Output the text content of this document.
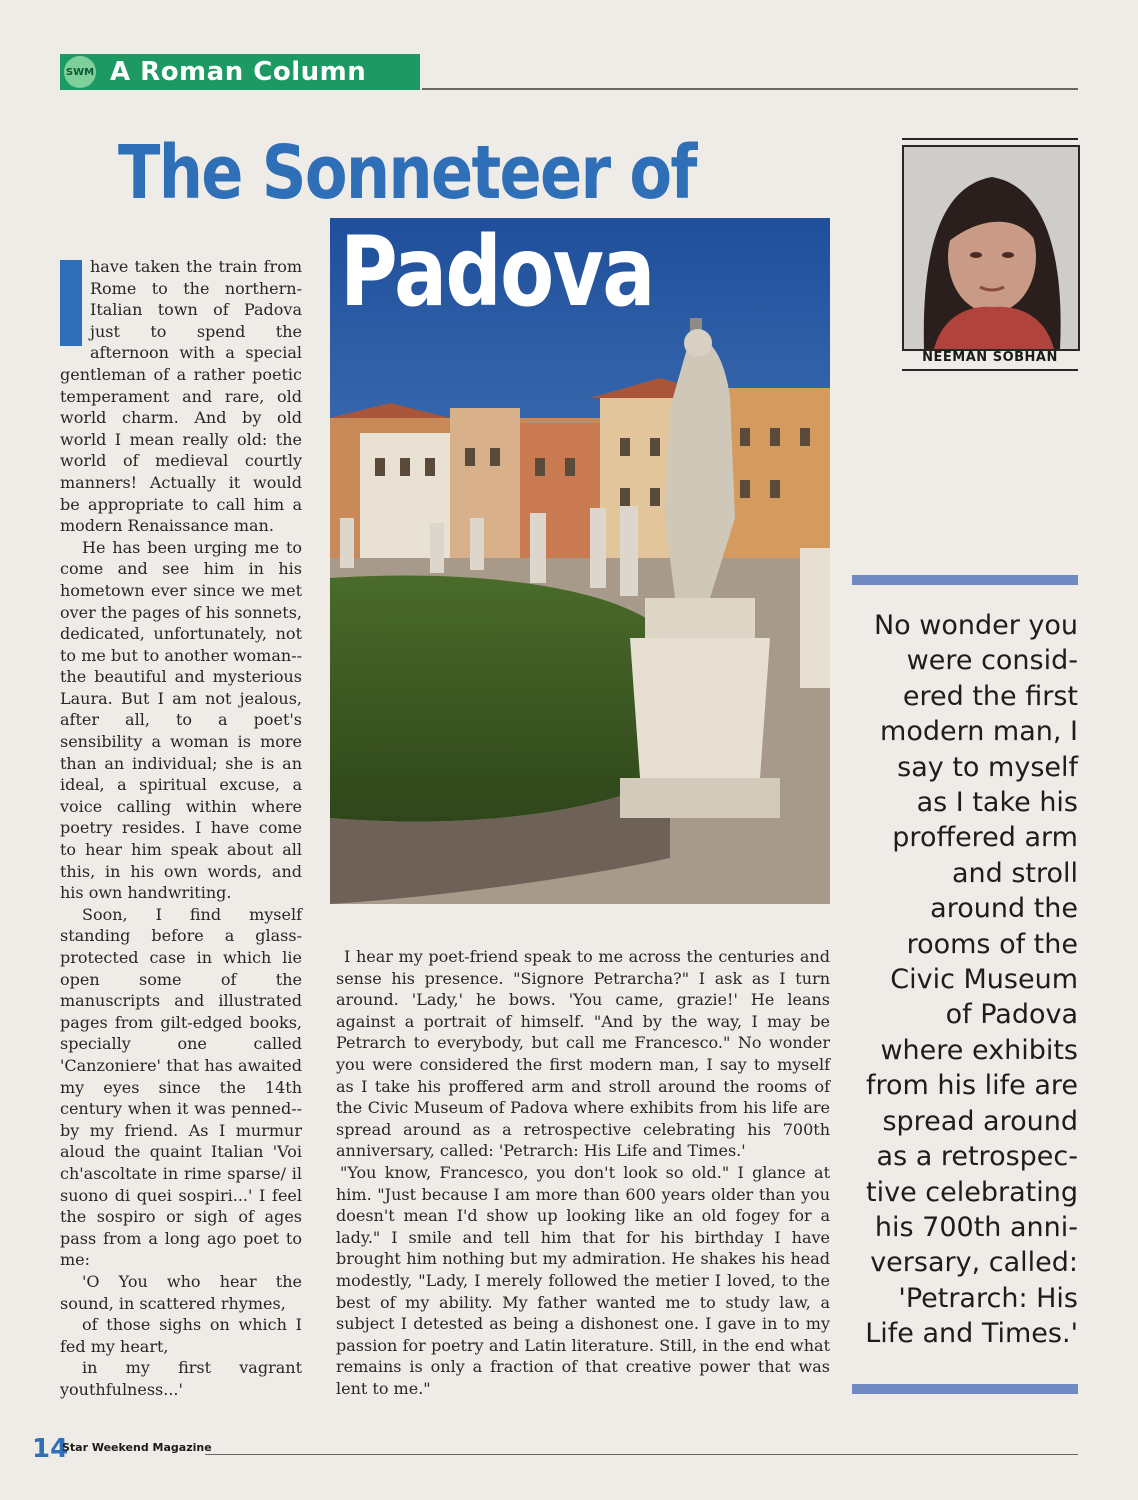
SWM A Roman Column
The Sonneteer of
Padova
NEEMAN SOBHAN

have taken the train from Rome to the northern-Italian town of Padova just to spend the afternoon with a special gentleman of a rather poetic temperament and rare, old world charm. And by old world I mean really old: the world of medieval courtly manners! Actually it would be appropriate to call him a modern Renaissance man.

He has been urging me to come and see him in his hometown ever since we met over the pages of his sonnets, dedicated, unfortunately, not to me but to another woman--the beautiful and mysterious Laura. But I am not jealous, after all, to a poet's sensibility a woman is more than an individual; she is an ideal, a spiritual excuse, a voice calling within where poetry resides. I have come to hear him speak about all this, in his own words, and his own handwriting.

Soon, I find myself standing before a glass-protected case in which lie open some of the manuscripts and illustrated pages from gilt-edged books, specially one called 'Canzoniere' that has awaited my eyes since the 14th century when it was penned--by my friend. As I murmur aloud the quaint Italian 'Voi ch'ascoltate in rime sparse/ il suono di quei sospiri...' I feel the sospiro or sigh of ages pass from a long ago poet to me:

'O You who hear the sound, in scattered rhymes,

of those sighs on which I fed my heart,

in my first vagrant youthfulness...'

I hear my poet-friend speak to me across the centuries and sense his presence. "Signore Petrarcha?" I ask as I turn around. 'Lady,' he bows. 'You came, grazie!' He leans against a portrait of himself. "And by the way, I may be Petrarch to everybody, but call me Francesco." No wonder you were considered the first modern man, I say to myself as I take his proffered arm and stroll around the rooms of the Civic Museum of Padova where exhibits from his life are spread around as a retrospective celebrating his 700th anniversary, called: 'Petrarch: His Life and Times.'

"You know, Francesco, you don't look so old." I glance at him. "Just because I am more than 600 years older than you doesn't mean I'd show up looking like an old fogey for a lady." I smile and tell him that for his birthday I have brought him nothing but my admiration. He shakes his head modestly, "Lady, I merely followed the metier I loved, to the best of my ability. My father wanted me to study law, a subject I detested as being a dishonest one. I gave in to my passion for poetry and Latin literature. Still, in the end what remains is only a fraction of that creative power that was lent to me."

No wonder you
were consid-
ered the first
modern man, I
say to myself
as I take his
proffered arm
and stroll
around the
rooms of the
Civic Museum
of Padova
where exhibits
from his life are
spread around
as a retrospec-
tive celebrating
his 700th anni-
versary, called:
'Petrarch: His
Life and Times.'
14
Star Weekend Magazine
